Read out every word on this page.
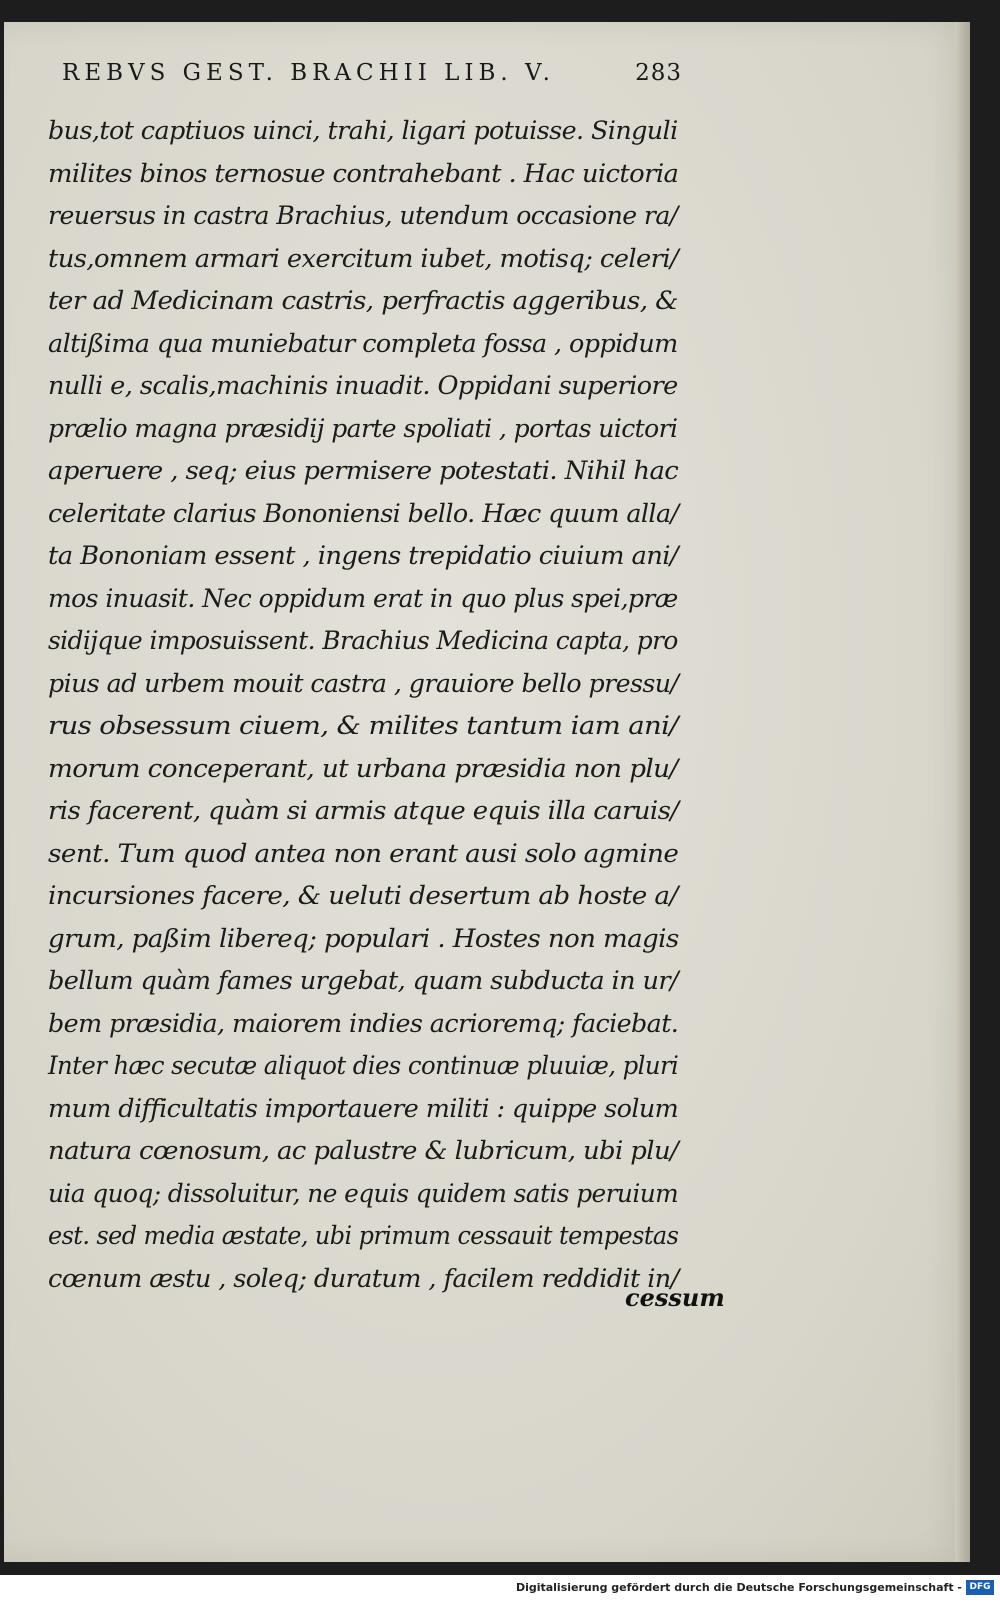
REBVS GEST. BRACHII LIB. V.	283
bus,tot captiuos uinci, trahi, ligari potuisse. Singuli
milites binos ternosue contrahebant . Hac uictoria
reuersus in castra Brachius, utendum occasione ra/
tus,omnem armari exercitum iubet, motisq; celeri/
ter ad Medicinam castris, perfractis aggeribus, &
altißima qua muniebatur completa fossa , oppidum
nulli e, scalis,machinis inuadit. Oppidani superiore
prælio magna præsidij parte spoliati , portas uictori
aperuere , seq; eius permisere potestati. Nihil hac
celeritate clarius Bononiensi bello. Hæc quum alla/
ta Bononiam essent , ingens trepidatio ciuium ani/
mos inuasit. Nec oppidum erat in quo plus spei,præ
sidijque imposuissent. Brachius Medicina capta, pro
pius ad urbem mouit castra , grauiore bello pressu/
rus obsessum ciuem, & milites tantum iam ani/
morum conceperant, ut urbana præsidia non plu/
ris facerent, quàm si armis atque equis illa caruis/
sent. Tum quod antea non erant ausi solo agmine
incursiones facere, & ueluti desertum ab hoste a/
grum, paßim libereq; populari . Hostes non magis
bellum quàm fames urgebat, quam subducta in ur/
bem præsidia, maiorem indies acrioremq; faciebat.
Inter hæc secutæ aliquot dies continuæ pluuiæ, pluri
mum difficultatis importauere militi : quippe solum
natura cœnosum, ac palustre & lubricum, ubi plu/
uia quoq; dissoluitur, ne equis quidem satis peruium
est. sed media æstate, ubi primum cessauit tempestas
cœnum æstu , soleq; duratum , facilem reddidit in/
cessum
Digitalisierung gefördert durch die Deutsche Forschungsgemeinschaft - DFG
